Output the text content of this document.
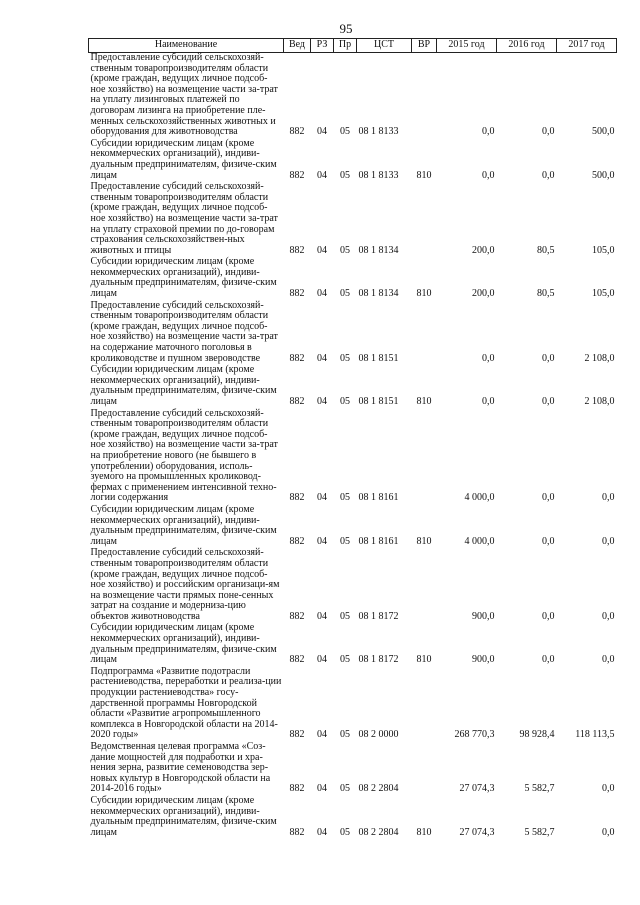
95
Наименование	Вед	РЗ	Пр	ЦСТ	ВР	2015 год	2016 год	2017 год
Предоставление субсидий сельскохозяй-ственным товаропроизводителям области (кроме граждан, ведущих личное подсоб-ное хозяйство) на возмещение части за-трат на уплату лизинговых платежей по договорам лизинга на приобретение пле-менных сельскохозяйственных животных и оборудования для животноводства	882	04	05	08 1 8133		0,0	0,0	500,0
Субсидии юридическим лицам (кроме некоммерческих организаций), индиви-дуальным предпринимателям, физиче-ским лицам	882	04	05	08 1 8133	810	0,0	0,0	500,0
Предоставление субсидий сельскохозяй-ственным товаропроизводителям области (кроме граждан, ведущих личное подсоб-ное хозяйство) на возмещение части за-трат на уплату страховой премии по до-говорам страхования сельскохозяйствен-ных животных и птицы	882	04	05	08 1 8134		200,0	80,5	105,0
Субсидии юридическим лицам (кроме некоммерческих организаций), индиви-дуальным предпринимателям, физиче-ским лицам	882	04	05	08 1 8134	810	200,0	80,5	105,0
Предоставление субсидий сельскохозяй-ственным товаропроизводителям области (кроме граждан, ведущих личное подсоб-ное хозяйство) на возмещение части за-трат на содержание маточного поголовья в кролиководстве и пушном звероводстве	882	04	05	08 1 8151		0,0	0,0	2 108,0
Субсидии юридическим лицам (кроме некоммерческих организаций), индиви-дуальным предпринимателям, физиче-ским лицам	882	04	05	08 1 8151	810	0,0	0,0	2 108,0
Предоставление субсидий сельскохозяй-ственным товаропроизводителям области (кроме граждан, ведущих личное подсоб-ное хозяйство) на возмещение части за-трат на приобретение нового (не бывшего в употреблении) оборудования, исполь-зуемого на промышленных кроликовод-фермах с применением интенсивной техно-логии содержания	882	04	05	08 1 8161		4 000,0	0,0	0,0
Субсидии юридическим лицам (кроме некоммерческих организаций), индиви-дуальным предпринимателям, физиче-ским лицам	882	04	05	08 1 8161	810	4 000,0	0,0	0,0
Предоставление субсидий сельскохозяй-ственным товаропроизводителям области (кроме граждан, ведущих личное подсоб-ное хозяйство) и российским организаци-ям на возмещение части прямых поне-сенных затрат на создание и модерниза-цию объектов животноводства	882	04	05	08 1 8172		900,0	0,0	0,0
Субсидии юридическим лицам (кроме некоммерческих организаций), индиви-дуальным предпринимателям, физиче-ским лицам	882	04	05	08 1 8172	810	900,0	0,0	0,0
Подпрограмма «Развитие подотрасли растениеводства, переработки и реализа-ции продукции растениеводства» госу-дарственной программы Новгородской области «Развитие агропромышленного комплекса в Новгородской области на 2014-2020 годы»	882	04	05	08 2 0000		268 770,3	98 928,4	118 113,5
Ведомственная целевая программа «Соз-дание мощностей для подработки и хра-нения зерна, развитие семеноводства зер-новых культур в Новгородской области на 2014-2016 годы»	882	04	05	08 2 2804		27 074,3	5 582,7	0,0
Субсидии юридическим лицам (кроме некоммерческих организаций), индиви-дуальным предпринимателям, физиче-ским лицам	882	04	05	08 2 2804	810	27 074,3	5 582,7	0,0
